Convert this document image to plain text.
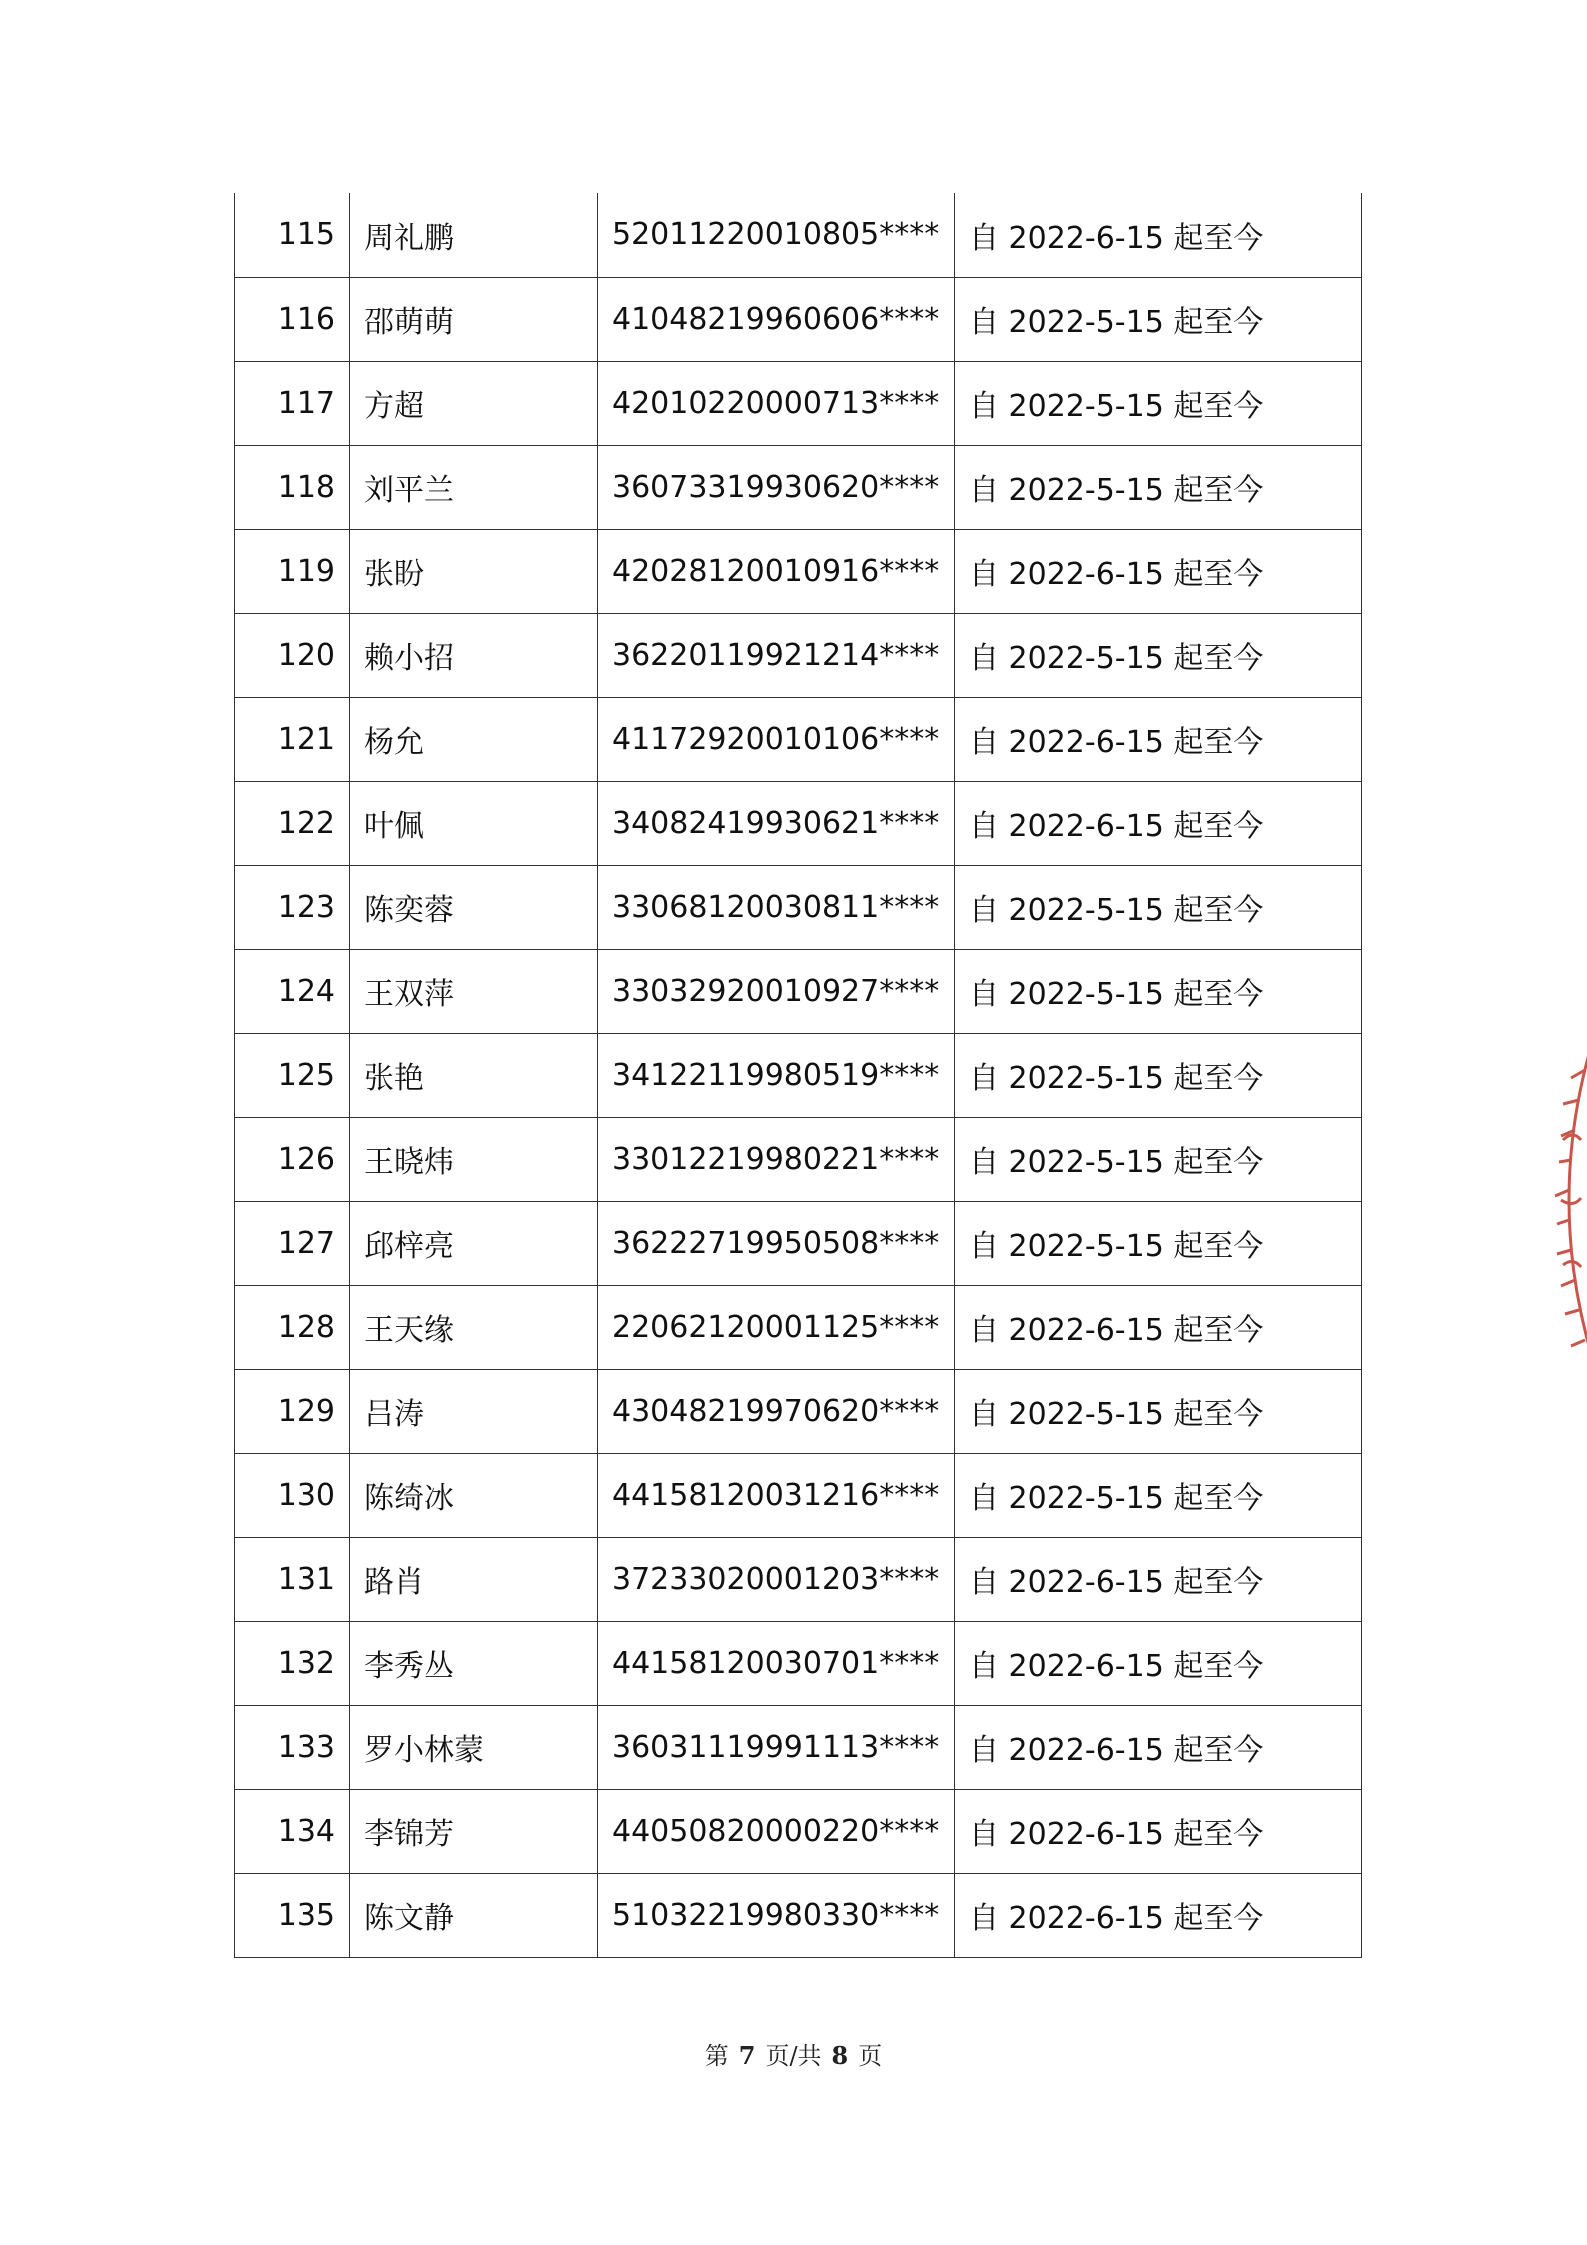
115	周礼鹏	52011220010805****	自 2022-6-15 起至今
116	邵萌萌	41048219960606****	自 2022-5-15 起至今
117	方超	42010220000713****	自 2022-5-15 起至今
118	刘平兰	36073319930620****	自 2022-5-15 起至今
119	张盼	42028120010916****	自 2022-6-15 起至今
120	赖小招	36220119921214****	自 2022-5-15 起至今
121	杨允	41172920010106****	自 2022-6-15 起至今
122	叶佩	34082419930621****	自 2022-6-15 起至今
123	陈奕蓉	33068120030811****	自 2022-5-15 起至今
124	王双萍	33032920010927****	自 2022-5-15 起至今
125	张艳	34122119980519****	自 2022-5-15 起至今
126	王晓炜	33012219980221****	自 2022-5-15 起至今
127	邱梓亮	36222719950508****	自 2022-5-15 起至今
128	王天缘	22062120001125****	自 2022-6-15 起至今
129	吕涛	43048219970620****	自 2022-5-15 起至今
130	陈绮冰	44158120031216****	自 2022-5-15 起至今
131	路肖	37233020001203****	自 2022-6-15 起至今
132	李秀丛	44158120030701****	自 2022-6-15 起至今
133	罗小林蒙	36031119991113****	自 2022-6-15 起至今
134	李锦芳	44050820000220****	自 2022-6-15 起至今
135	陈文静	51032219980330****	自 2022-6-15 起至今
第 7 页/共 8 页
